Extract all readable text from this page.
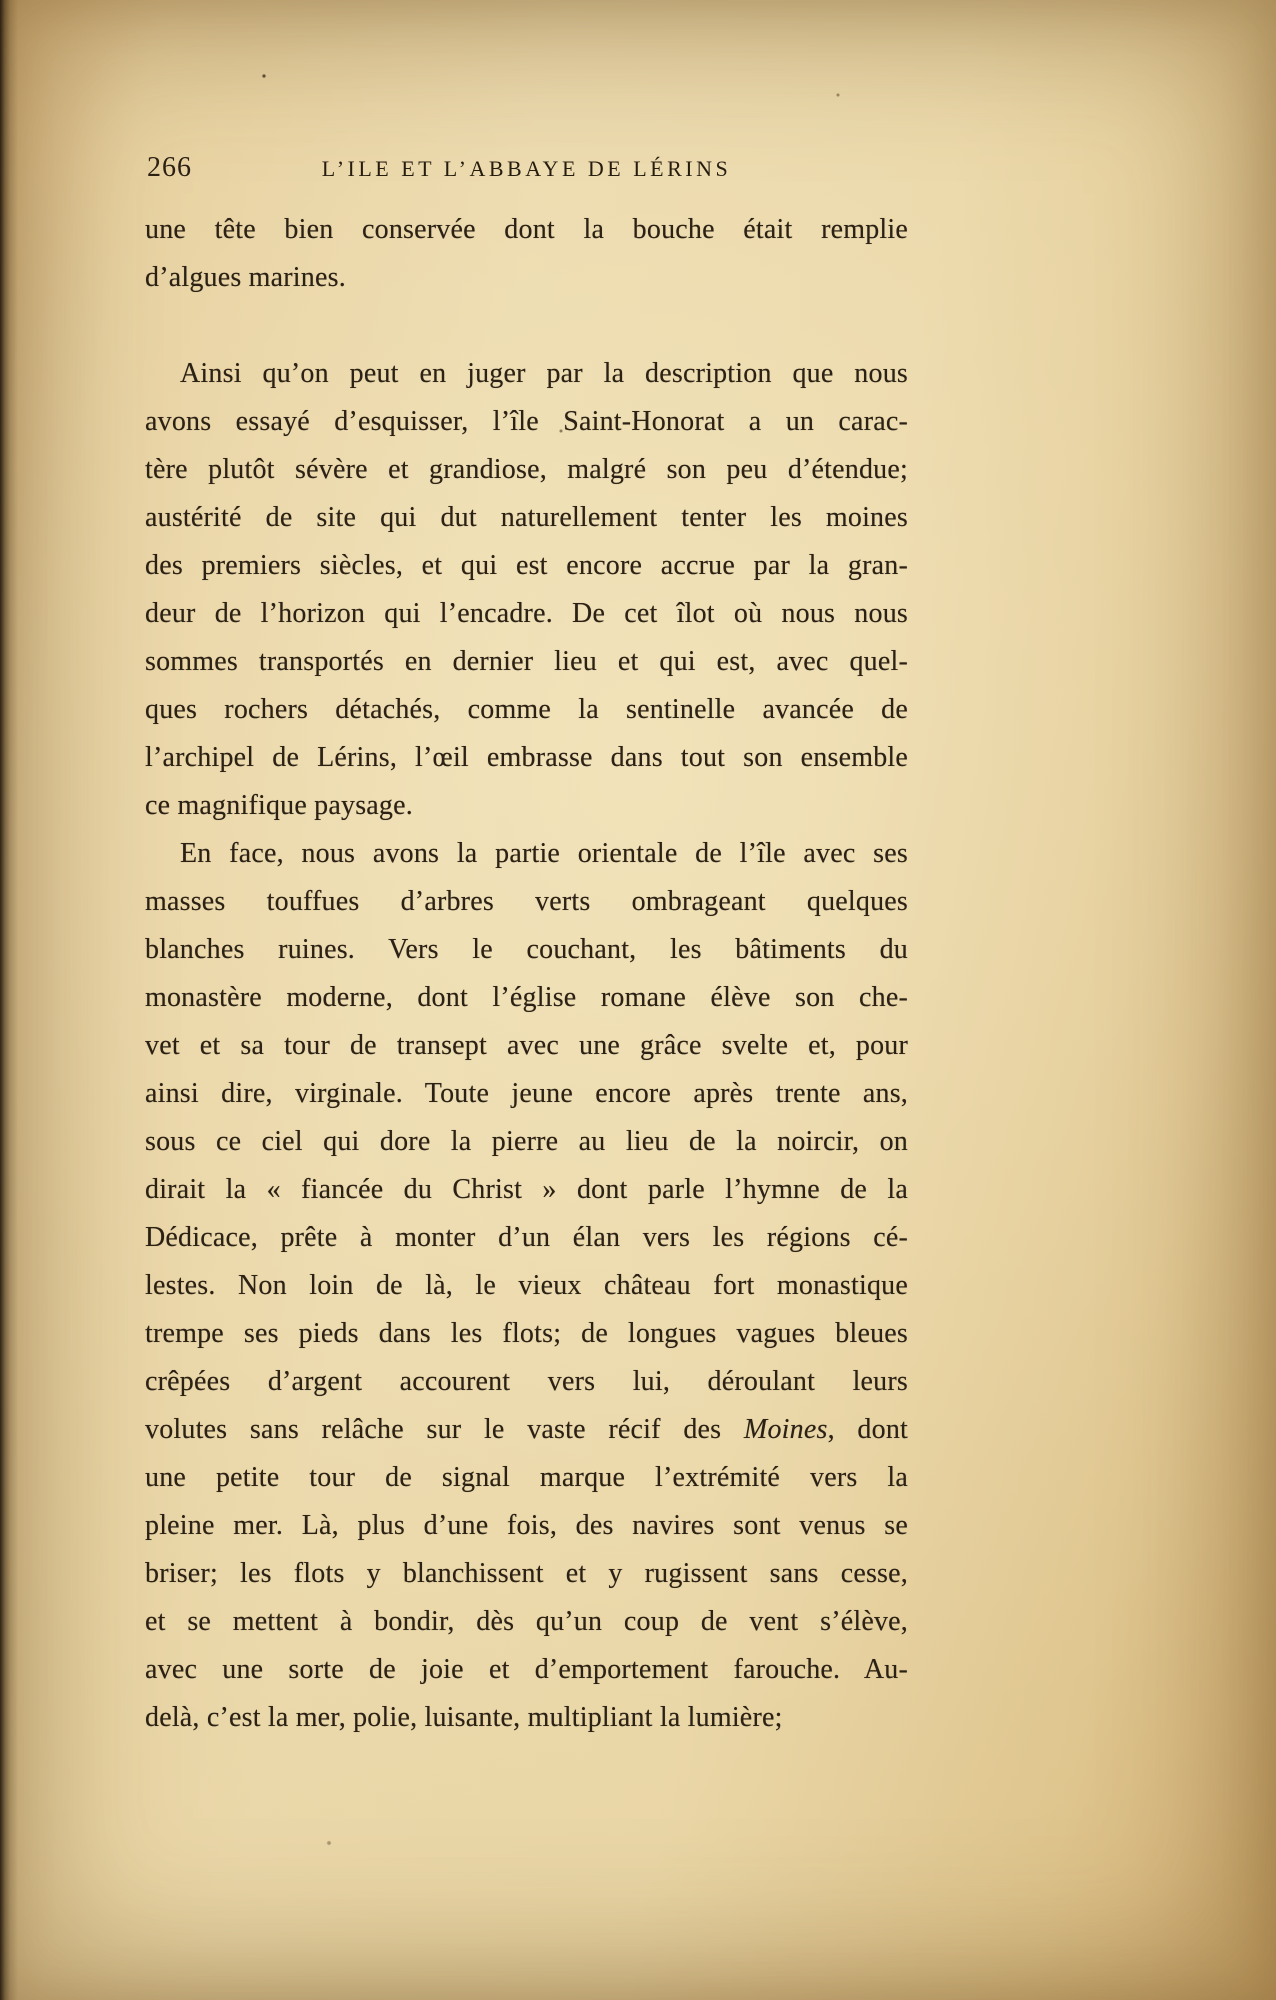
266	L’ILE ET L’ABBAYE DE LÉRINS
une tête bien conservée dont la bouche était remplie
d’algues marines.
Ainsi qu’on peut en juger par la description que nous
avons essayé d’esquisser, l’île Saint-Honorat a un carac-
tère plutôt sévère et grandiose, malgré son peu d’étendue;
austérité de site qui dut naturellement tenter les moines
des premiers siècles, et qui est encore accrue par la gran-
deur de l’horizon qui l’encadre. De cet îlot où nous nous
sommes transportés en dernier lieu et qui est, avec quel-
ques rochers détachés, comme la sentinelle avancée de
l’archipel de Lérins, l’œil embrasse dans tout son ensemble
ce magnifique paysage.
En face, nous avons la partie orientale de l’île avec ses
masses touffues d’arbres verts ombrageant quelques
blanches ruines. Vers le couchant, les bâtiments du
monastère moderne, dont l’église romane élève son che-
vet et sa tour de transept avec une grâce svelte et, pour
ainsi dire, virginale. Toute jeune encore après trente ans,
sous ce ciel qui dore la pierre au lieu de la noircir, on
dirait la « fiancée du Christ » dont parle l’hymne de la
Dédicace, prête à monter d’un élan vers les régions cé-
lestes. Non loin de là, le vieux château fort monastique
trempe ses pieds dans les flots; de longues vagues bleues
crêpées d’argent accourent vers lui, déroulant leurs
volutes sans relâche sur le vaste récif des Moines, dont
une petite tour de signal marque l’extrémité vers la
pleine mer. Là, plus d’une fois, des navires sont venus se
briser; les flots y blanchissent et y rugissent sans cesse,
et se mettent à bondir, dès qu’un coup de vent s’élève,
avec une sorte de joie et d’emportement farouche. Au-
delà, c’est la mer, polie, luisante, multipliant la lumière;
